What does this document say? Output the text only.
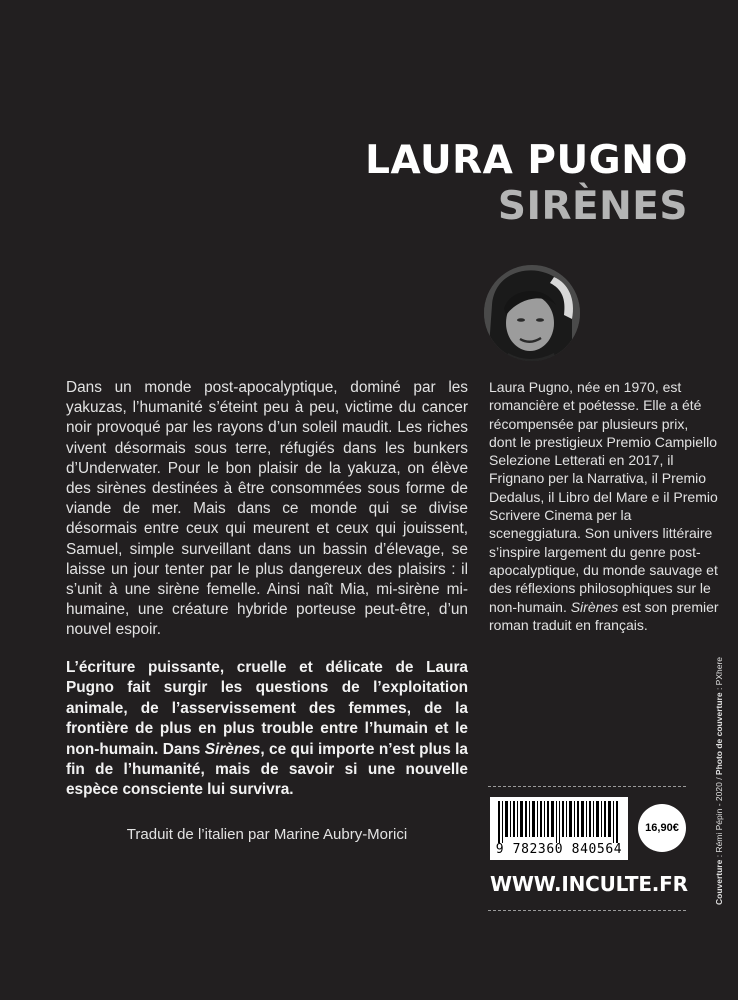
LAURA PUGNO
SIRÈNES

Dans un monde post-apocalyptique, dominé par les yakuzas, l’humanité s’éteint peu à peu, victime du cancer noir provoqué par les rayons d’un soleil maudit. Les riches vivent désormais sous terre, réfugiés dans les bunkers d’Underwater. Pour le bon plaisir de la yakuza, on élève des sirènes destinées à être consommées sous forme de viande de mer. Mais dans ce monde qui se divise désormais entre ceux qui meurent et ceux qui jouissent, Samuel, simple surveillant dans un bassin d’élevage, se laisse un jour tenter par le plus dangereux des plaisirs : il s’unit à une sirène femelle. Ainsi naît Mia, mi-sirène mi-humaine, une créature hybride porteuse peut-être, d’un nouvel espoir.

L’écriture puissante, cruelle et délicate de Laura Pugno fait surgir les questions de l’exploitation animale, de l’asservissement des femmes, de la frontière de plus en plus trouble entre l’humain et le non-humain. Dans Sirènes, ce qui importe n’est plus la fin de l’humanité, mais de savoir si une nouvelle espèce consciente lui survivra.

Traduit de l’italien par Marine Aubry-Morici

Laura Pugno, née en 1970, est romancière et poétesse. Elle a été récompensée par plusieurs prix, dont le prestigieux Premio Campiello Selezione Letterati en 2017, il Frignano per la Narrativa, il Premio Dedalus, il Libro del Mare e il Premio Scrivere Cinema per la sceneggiatura. Son univers littéraire s’inspire largement du genre post-apocalyptique, du monde sauvage et des réflexions philosophiques sur le non-humain. Sirènes est son premier roman traduit en français.

9 782360 840564
16,90€
WWW.INCULTE.FR	Couverture : Rémi Pépin - 2020 / Photo de couverture : PXhere
